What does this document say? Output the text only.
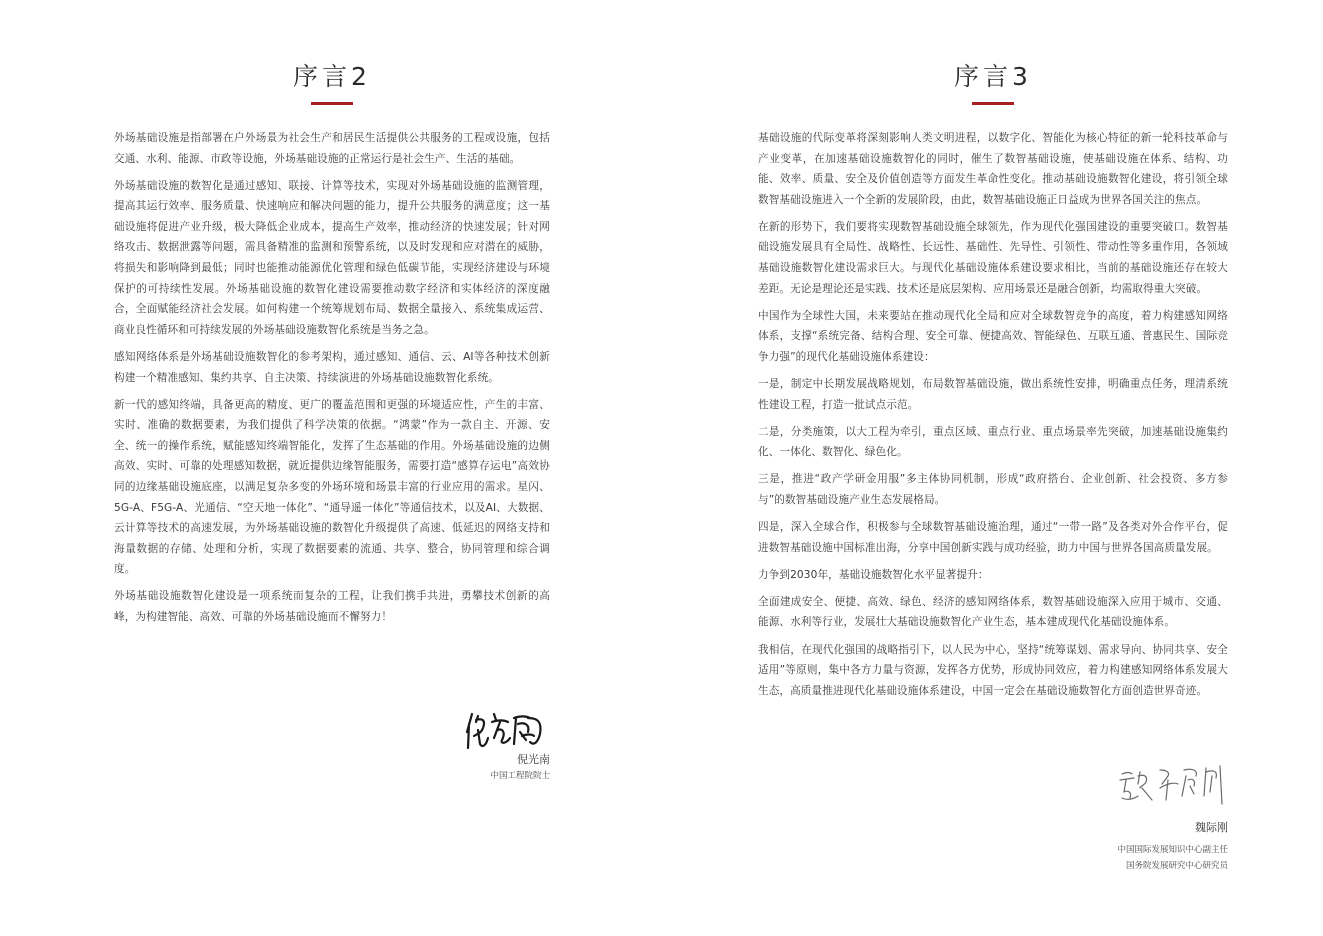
序言2

外场基础设施是指部署在户外场景为社会生产和居民生活提供公共服务的工程或设施，包括交通、水利、能源、市政等设施，外场基础设施的正常运行是社会生产、生活的基础。

外场基础设施的数智化是通过感知、联接、计算等技术，实现对外场基础设施的监测管理，提高其运行效率、服务质量、快速响应和解决问题的能力，提升公共服务的满意度；这一基础设施将促进产业升级，极大降低企业成本，提高生产效率，推动经济的快速发展；针对网络攻击、数据泄露等问题，需具备精准的监测和预警系统，以及时发现和应对潜在的威胁，将损失和影响降到最低；同时也能推动能源优化管理和绿色低碳节能，实现经济建设与环境保护的可持续性发展。外场基础设施的数智化建设需要推动数字经济和实体经济的深度融合，全面赋能经济社会发展。如何构建一个统筹规划布局、数据全量接入、系统集成运营、商业良性循环和可持续发展的外场基础设施数智化系统是当务之急。

感知网络体系是外场基础设施数智化的参考架构，通过感知、通信、云、AI等各种技术创新构建一个精准感知、集约共享、自主决策、持续演进的外场基础设施数智化系统。

新一代的感知终端，具备更高的精度、更广的覆盖范围和更强的环境适应性，产生的丰富、实时、准确的数据要素，为我们提供了科学决策的依据。“鸿蒙”作为一款自主、开源、安全、统一的操作系统，赋能感知终端智能化，发挥了生态基础的作用。外场基础设施的边侧高效、实时、可靠的处理感知数据，就近提供边缘智能服务，需要打造“感算存运电”高效协同的边缘基础设施底座，以满足复杂多变的外场环境和场景丰富的行业应用的需求。星闪、5G-A、F5G-A、光通信、“空天地一体化”、“通导遥一体化”等通信技术，以及AI、大数据、云计算等技术的高速发展，为外场基础设施的数智化升级提供了高速、低延迟的网络支持和海量数据的存储、处理和分析，实现了数据要素的流通、共享、整合，协同管理和综合调度。

外场基础设施数智化建设是一项系统而复杂的工程，让我们携手共进，勇攀技术创新的高峰，为构建智能、高效、可靠的外场基础设施而不懈努力！

倪光南
中国工程院院士
序言3

基础设施的代际变革将深刻影响人类文明进程，以数字化、智能化为核心特征的新一轮科技革命与产业变革，在加速基础设施数智化的同时，催生了数智基础设施，使基础设施在体系、结构、功能、效率、质量、安全及价值创造等方面发生革命性变化。推动基础设施数智化建设，将引领全球数智基础设施进入一个全新的发展阶段，由此，数智基础设施正日益成为世界各国关注的焦点。

在新的形势下，我们要将实现数智基础设施全球领先，作为现代化强国建设的重要突破口。数智基础设施发展具有全局性、战略性、长远性、基础性、先导性、引领性、带动性等多重作用，各领域基础设施数智化建设需求巨大。与现代化基础设施体系建设要求相比，当前的基础设施还存在较大差距。无论是理论还是实践、技术还是底层架构、应用场景还是融合创新，均需取得重大突破。

中国作为全球性大国，未来要站在推动现代化全局和应对全球数智竞争的高度，着力构建感知网络体系，支撑“系统完备、结构合理、安全可靠、便捷高效、智能绿色、互联互通、普惠民生、国际竞争力强”的现代化基础设施体系建设：

一是，制定中长期发展战略规划，布局数智基础设施，做出系统性安排，明确重点任务，理清系统性建设工程，打造一批试点示范。

二是，分类施策，以大工程为牵引，重点区域、重点行业、重点场景率先突破，加速基础设施集约化、一体化、数智化、绿色化。

三是，推进“政产学研金用服”多主体协同机制，形成“政府搭台、企业创新、社会投资、多方参与”的数智基础设施产业生态发展格局。

四是，深入全球合作，积极参与全球数智基础设施治理，通过“一带一路”及各类对外合作平台，促进数智基础设施中国标准出海，分享中国创新实践与成功经验，助力中国与世界各国高质量发展。

力争到2030年，基础设施数智化水平显著提升：

全面建成安全、便捷、高效、绿色、经济的感知网络体系，数智基础设施深入应用于城市、交通、能源、水利等行业，发展壮大基础设施数智化产业生态，基本建成现代化基础设施体系。

我相信，在现代化强国的战略指引下，以人民为中心，坚持“统筹谋划、需求导向、协同共享、安全适用”等原则，集中各方力量与资源，发挥各方优势，形成协同效应，着力构建感知网络体系发展大生态，高质量推进现代化基础设施体系建设，中国一定会在基础设施数智化方面创造世界奇迹。

魏际刚
中国国际发展知识中心副主任
国务院发展研究中心研究员
